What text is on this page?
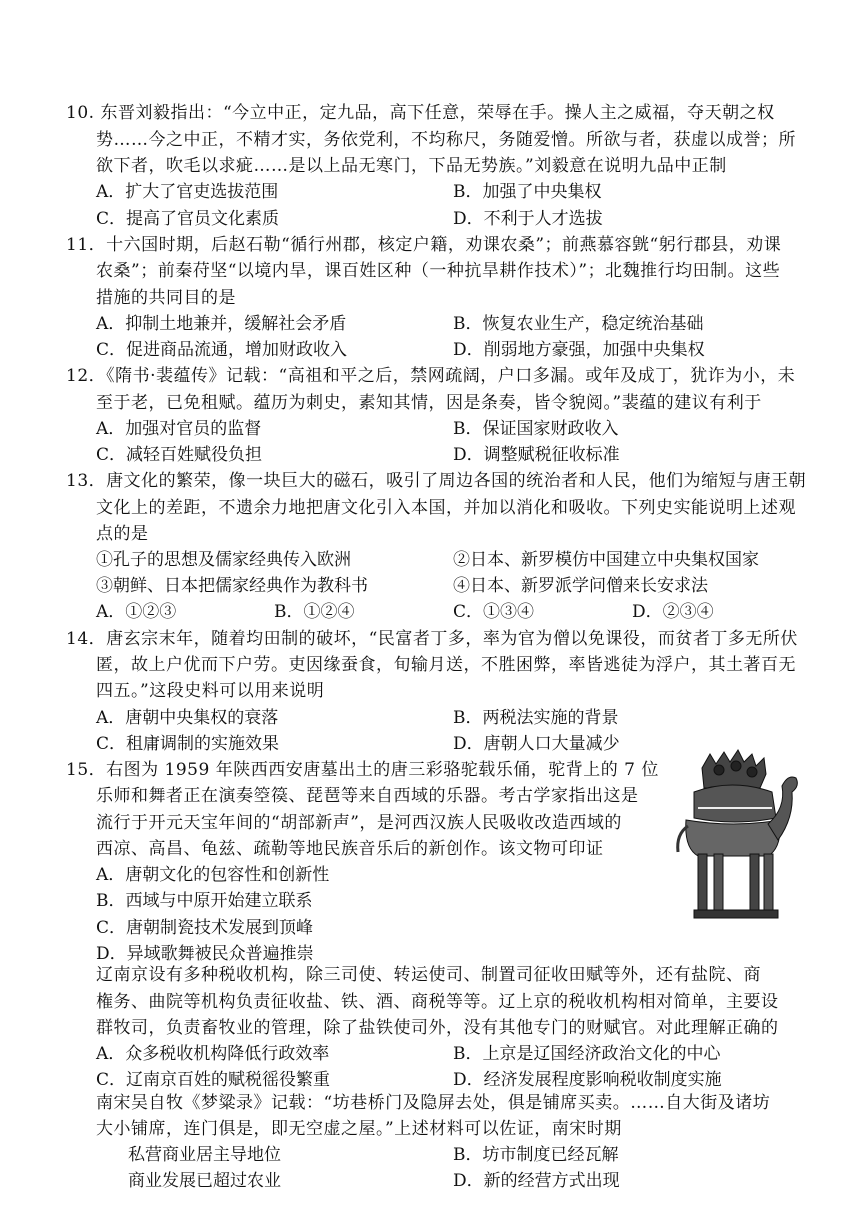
10. 东晋刘毅指出：“今立中正，定九品，高下任意，荣辱在手。操人主之威福，夺天朝之权
势……今之中正，不精才实，务依党利，不均称尺，务随爱憎。所欲与者，获虚以成誉；所
欲下者，吹毛以求疵……是以上品无寒门，下品无势族。”刘毅意在说明九品中正制
A．扩大了官吏选拔范围	B．加强了中央集权
C．提高了官员文化素质	D．不利于人才选拔
11．十六国时期，后赵石勒“循行州郡，核定户籍，劝课农桑”；前燕慕容皝“躬行郡县，劝课
农桑”；前秦苻坚“以境内旱，课百姓区种（一种抗旱耕作技术）”；北魏推行均田制。这些
措施的共同目的是
A．抑制土地兼并，缓解社会矛盾	B．恢复农业生产，稳定统治基础
C．促进商品流通，增加财政收入	D．削弱地方豪强，加强中央集权
12．《隋书·裴蕴传》记载：“高祖和平之后，禁网疏阔，户口多漏。或年及成丁，犹诈为小，未
至于老，已免租赋。蕴历为刺史，素知其情，因是条奏，皆令貌阅。”裴蕴的建议有利于
A．加强对官员的监督	B．保证国家财政收入
C．减轻百姓赋役负担	D．调整赋税征收标准
13．唐文化的繁荣，像一块巨大的磁石，吸引了周边各国的统治者和人民，他们为缩短与唐王朝
文化上的差距，不遗余力地把唐文化引入本国，并加以消化和吸收。下列史实能说明上述观
点的是
①孔子的思想及儒家经典传入欧洲	②日本、新罗模仿中国建立中央集权国家
③朝鲜、日本把儒家经典作为教科书	④日本、新罗派学问僧来长安求法
A．①②③	B．①②④	C．①③④	D．②③④
14．唐玄宗末年，随着均田制的破坏，“民富者丁多，率为官为僧以免课役，而贫者丁多无所伏
匿，故上户优而下户劳。吏因缘蚕食，旬输月送，不胜困弊，率皆逃徒为浮户，其土著百无
四五。”这段史料可以用来说明
A．唐朝中央集权的衰落	B．两税法实施的背景
C．租庸调制的实施效果	D．唐朝人口大量减少
15．右图为 1959 年陕西西安唐墓出土的唐三彩骆驼载乐俑，驼背上的 7 位
乐师和舞者正在演奏箜篌、琵琶等来自西域的乐器。考古学家指出这是
流行于开元天宝年间的“胡部新声”，是河西汉族人民吸收改造西域的
西凉、高昌、龟兹、疏勒等地民族音乐后的新创作。该文物可印证
A．唐朝文化的包容性和创新性
B．西域与中原开始建立联系
C．唐朝制瓷技术发展到顶峰
D．异域歌舞被民众普遍推崇
辽南京设有多种税收机构，除三司使、转运使司、制置司征收田赋等外，还有盐院、商
権务、曲院等机构负责征收盐、铁、酒、商税等等。辽上京的税收机构相对简单，主要设
群牧司，负责畜牧业的管理，除了盐铁使司外，没有其他专门的财赋官。对此理解正确的
A．众多税收机构降低行政效率	B．上京是辽国经济政治文化的中心
C．辽南京百姓的赋税徭役繁重	D．经济发展程度影响税收制度实施
南宋吴自牧《梦粱录》记载：“坊巷桥门及隐屏去处，俱是铺席买卖。……自大街及诸坊
大小铺席，连门俱是，即无空虚之屋。”上述材料可以佐证，南宋时期
私营商业居主导地位	B．坊市制度已经瓦解
商业发展已超过农业	D．新的经营方式出现
